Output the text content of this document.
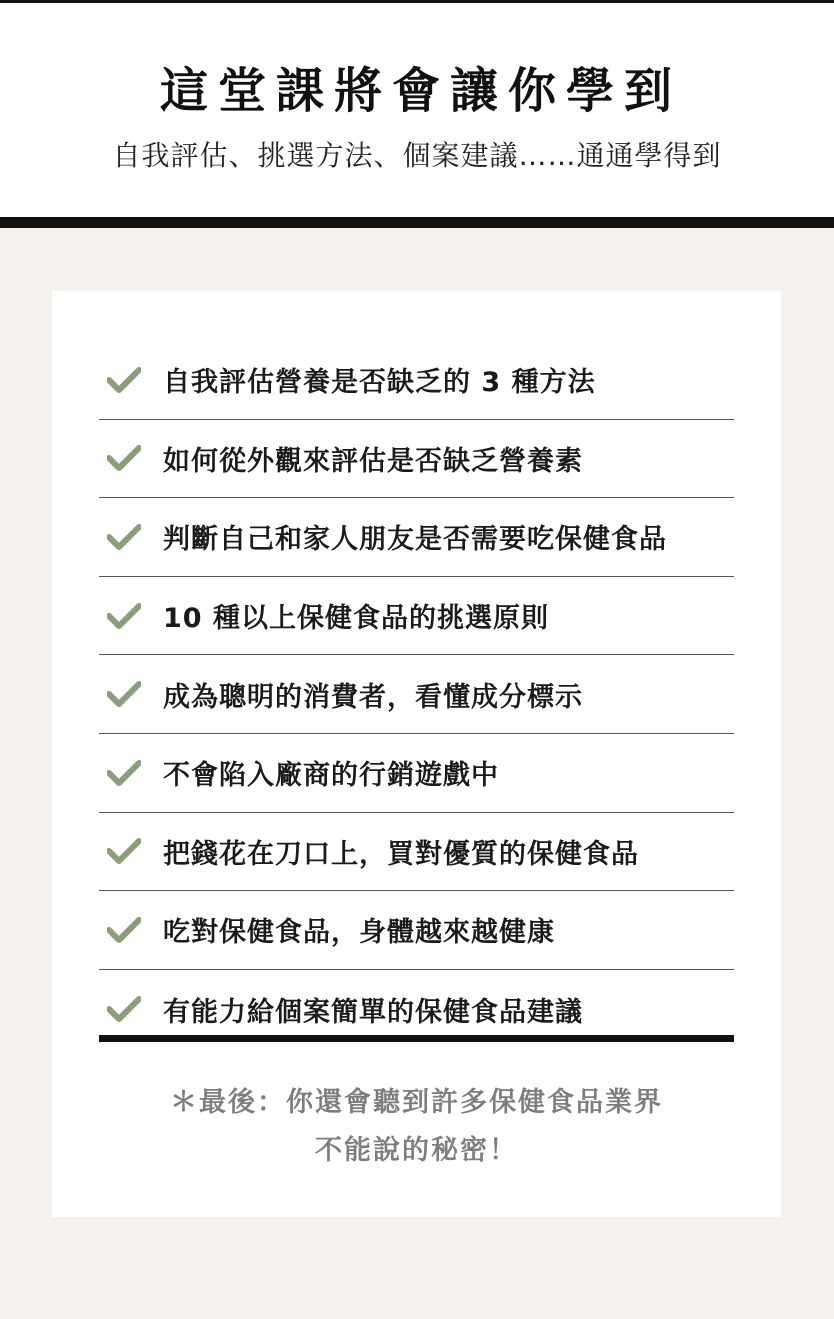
這堂課將會讓你學到

自我評估、挑選方法、個案建議……通通學得到

自我評估營養是否缺乏的 3 種方法
如何從外觀來評估是否缺乏營養素
判斷自己和家人朋友是否需要吃保健食品
10 種以上保健食品的挑選原則
成為聰明的消費者，看懂成分標示
不會陷入廠商的行銷遊戲中
把錢花在刀口上，買對優質的保健食品
吃對保健食品，身體越來越健康
有能力給個案簡單的保健食品建議
＊最後：你還會聽到許多保健食品業界
不能說的秘密！
